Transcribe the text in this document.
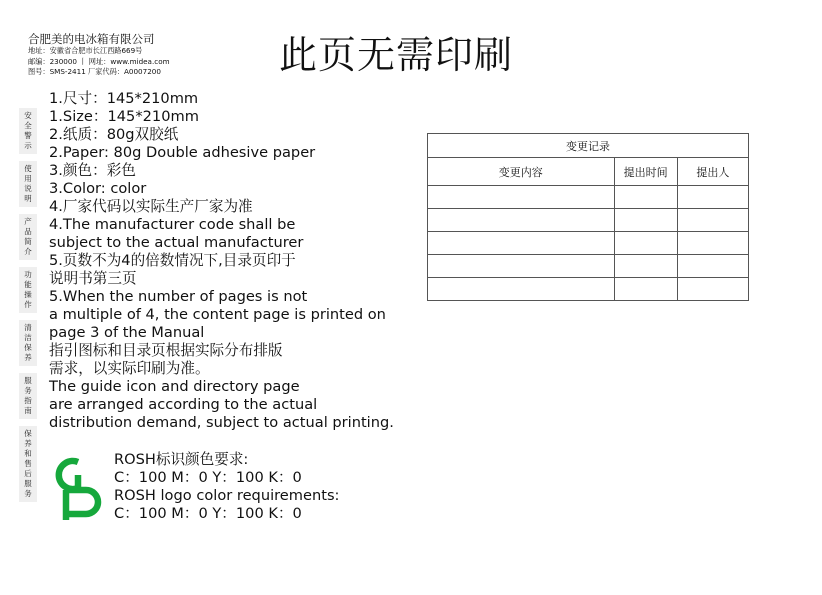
合肥美的电冰箱有限公司
地址：安徽省合肥市长江西路669号
邮编：230000 丨 网址：www.midea.com
图号：SMS-2411 厂家代码：A0007200	此页无需印刷
安
全
警
示
使
用
说
明
产
品
简
介
功
能
操
作
清
洁
保
养
服
务
指
南
保
养
和
售
后
服
务
1.尺寸：145*210mm
1.Size：145*210mm
2.纸质：80g双胶纸
2.Paper: 80g Double adhesive paper
3.颜色：彩色
3.Color: color
4.厂家代码以实际生产厂家为准
4.The manufacturer code shall be
subject to the actual manufacturer
5.页数不为4的倍数情况下,目录页印于
说明书第三页
5.When the number of pages is not
a multiple of 4, the content page is printed on
page 3 of the Manual
指引图标和目录页根据实际分布排版
需求，以实际印刷为准。
The guide icon and directory page
are arranged according to the actual
distribution demand, subject to actual printing.
ROSH标识颜色要求:
C：100 M：0 Y：100 K：0
ROSH logo color requirements:
C：100 M：0 Y：100 K：0
变更记录		
变更内容	提出时间	提出人
